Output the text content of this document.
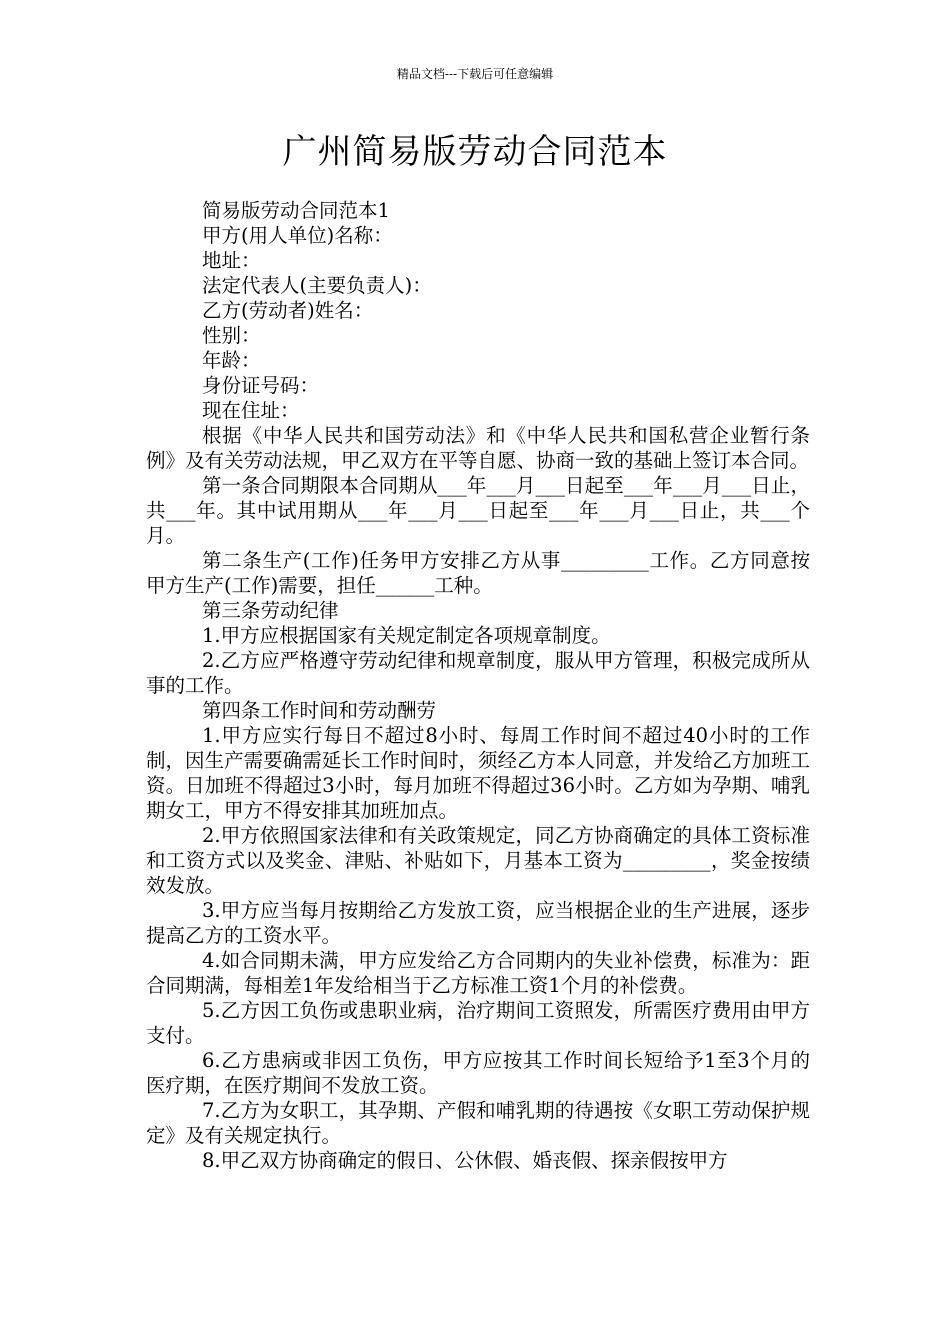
精品文档---下载后可任意编辑
广州简易版劳动合同范本

简易版劳动合同范本1

甲方(用人单位)名称：

地址：

法定代表人(主要负责人)：

乙方(劳动者)姓名：

性别：

年龄：

身份证号码：

现在住址：

根据《中华人民共和国劳动法》和《中华人民共和国私营企业暂行条例》及有关劳动法规，甲乙双方在平等自愿、协商一致的基础上签订本合同。

第一条合同期限本合同期从___年___月___日起至___年___月___日止，共___年。其中试用期从___年___月___日起至___年___月___日止，共___个月。

第二条生产(工作)任务甲方安排乙方从事_________工作。乙方同意按甲方生产(工作)需要，担任______工种。

第三条劳动纪律

1.甲方应根据国家有关规定制定各项规章制度。

2.乙方应严格遵守劳动纪律和规章制度，服从甲方管理，积极完成所从事的工作。

第四条工作时间和劳动酬劳

1.甲方应实行每日不超过8小时、每周工作时间不超过40小时的工作制，因生产需要确需延长工作时间时，须经乙方本人同意，并发给乙方加班工资。日加班不得超过3小时，每月加班不得超过36小时。乙方如为孕期、哺乳期女工，甲方不得安排其加班加点。

2.甲方依照国家法律和有关政策规定，同乙方协商确定的具体工资标准和工资方式以及奖金、津贴、补贴如下，月基本工资为_________，奖金按绩效发放。

3.甲方应当每月按期给乙方发放工资，应当根据企业的生产进展，逐步提高乙方的工资水平。

4.如合同期未满，甲方应发给乙方合同期内的失业补偿费，标准为：距合同期满，每相差1年发给相当于乙方标准工资1个月的补偿费。

5.乙方因工负伤或患职业病，治疗期间工资照发，所需医疗费用由甲方支付。

6.乙方患病或非因工负伤，甲方应按其工作时间长短给予1至3个月的医疗期，在医疗期间不发放工资。

7.乙方为女职工，其孕期、产假和哺乳期的待遇按《女职工劳动保护规定》及有关规定执行。

8.甲乙双方协商确定的假日、公休假、婚丧假、探亲假按甲方
